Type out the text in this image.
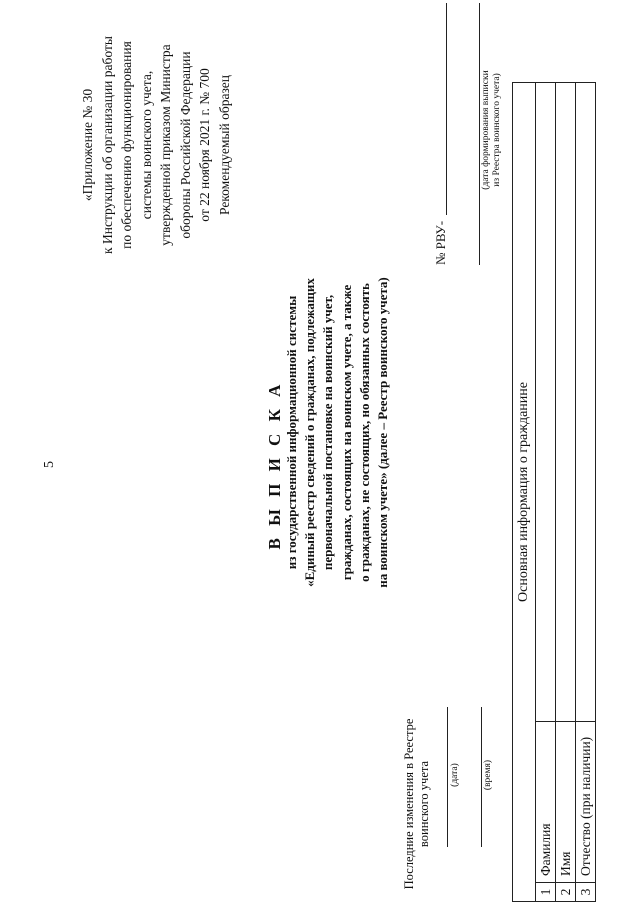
5
«Приложение № 30 к Инструкции об организации работы по обеспечению функционирования системы воинского учета, утвержденной приказом Министра обороны Российской Федерации от 22 ноября 2021 г. № 700 Рекомендуемый образец
Последние изменения в Реестре воинского учета (дата) (время)
В Ы П И С К А из государственной информационной системы «Единый реестр сведений о гражданах, подлежащих первоначальной постановке на воинский учет, гражданах, состоящих на воинском учете, а также о гражданах, не состоящих, но обязанных состоять на воинском учете» (далее – Реестр воинского учета)
№ РВУ-
(дата формирования выписки из Реестра воинского учета)
Основная информация о гражданине		
1	Фамилия	
2	Имя	
3	Отчество (при наличии)	
